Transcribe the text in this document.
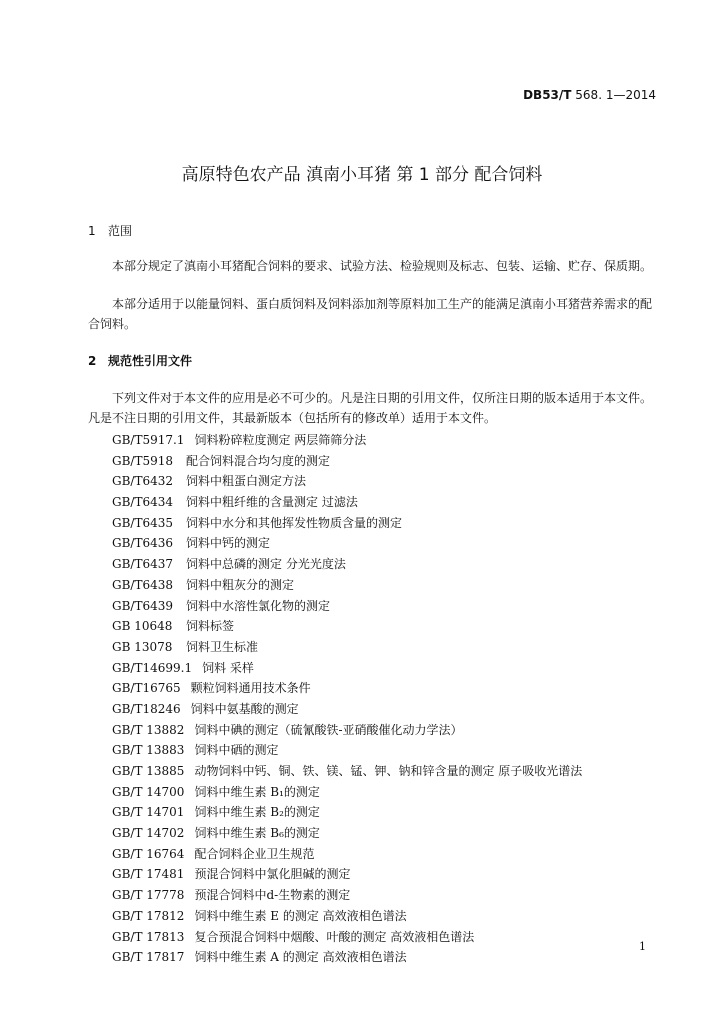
DB53/T 568. 1—2014
高原特色农产品 滇南小耳猪 第 1 部分 配合饲料
1 范围
本部分规定了滇南小耳猪配合饲料的要求、试验方法、检验规则及标志、包装、运输、贮存、保质期。
本部分适用于以能量饲料、蛋白质饲料及饲料添加剂等原料加工生产的能满足滇南小耳猪营养需求的配合饲料。
2 规范性引用文件
下列文件对于本文件的应用是必不可少的。凡是注日期的引用文件，仅所注日期的版本适用于本文件。凡是不注日期的引用文件，其最新版本（包括所有的修改单）适用于本文件。
GB/T5917.1 饲料粉碎粒度测定 两层筛筛分法
GB/T5918 配合饲料混合均匀度的测定
GB/T6432 饲料中粗蛋白测定方法
GB/T6434 饲料中粗纤维的含量测定 过滤法
GB/T6435 饲料中水分和其他挥发性物质含量的测定
GB/T6436 饲料中钙的测定
GB/T6437 饲料中总磷的测定 分光光度法
GB/T6438 饲料中粗灰分的测定
GB/T6439 饲料中水溶性氯化物的测定
GB 10648 饲料标签
GB 13078 饲料卫生标准
GB/T14699.1 饲料 采样
GB/T16765 颗粒饲料通用技术条件
GB/T18246 饲料中氨基酸的测定
GB/T 13882 饲料中碘的测定（硫氰酸铁-亚硝酸催化动力学法）
GB/T 13883 饲料中硒的测定
GB/T 13885 动物饲料中钙、铜、铁、镁、锰、钾、钠和锌含量的测定 原子吸收光谱法
GB/T 14700 饲料中维生素 B₁的测定
GB/T 14701 饲料中维生素 B₂的测定
GB/T 14702 饲料中维生素 B₆的测定
GB/T 16764 配合饲料企业卫生规范
GB/T 17481 预混合饲料中氯化胆碱的测定
GB/T 17778 预混合饲料中d-生物素的测定
GB/T 17812 饲料中维生素 E 的测定 高效液相色谱法
GB/T 17813 复合预混合饲料中烟酸、叶酸的测定 高效液相色谱法
GB/T 17817 饲料中维生素 A 的测定 高效液相色谱法
1
